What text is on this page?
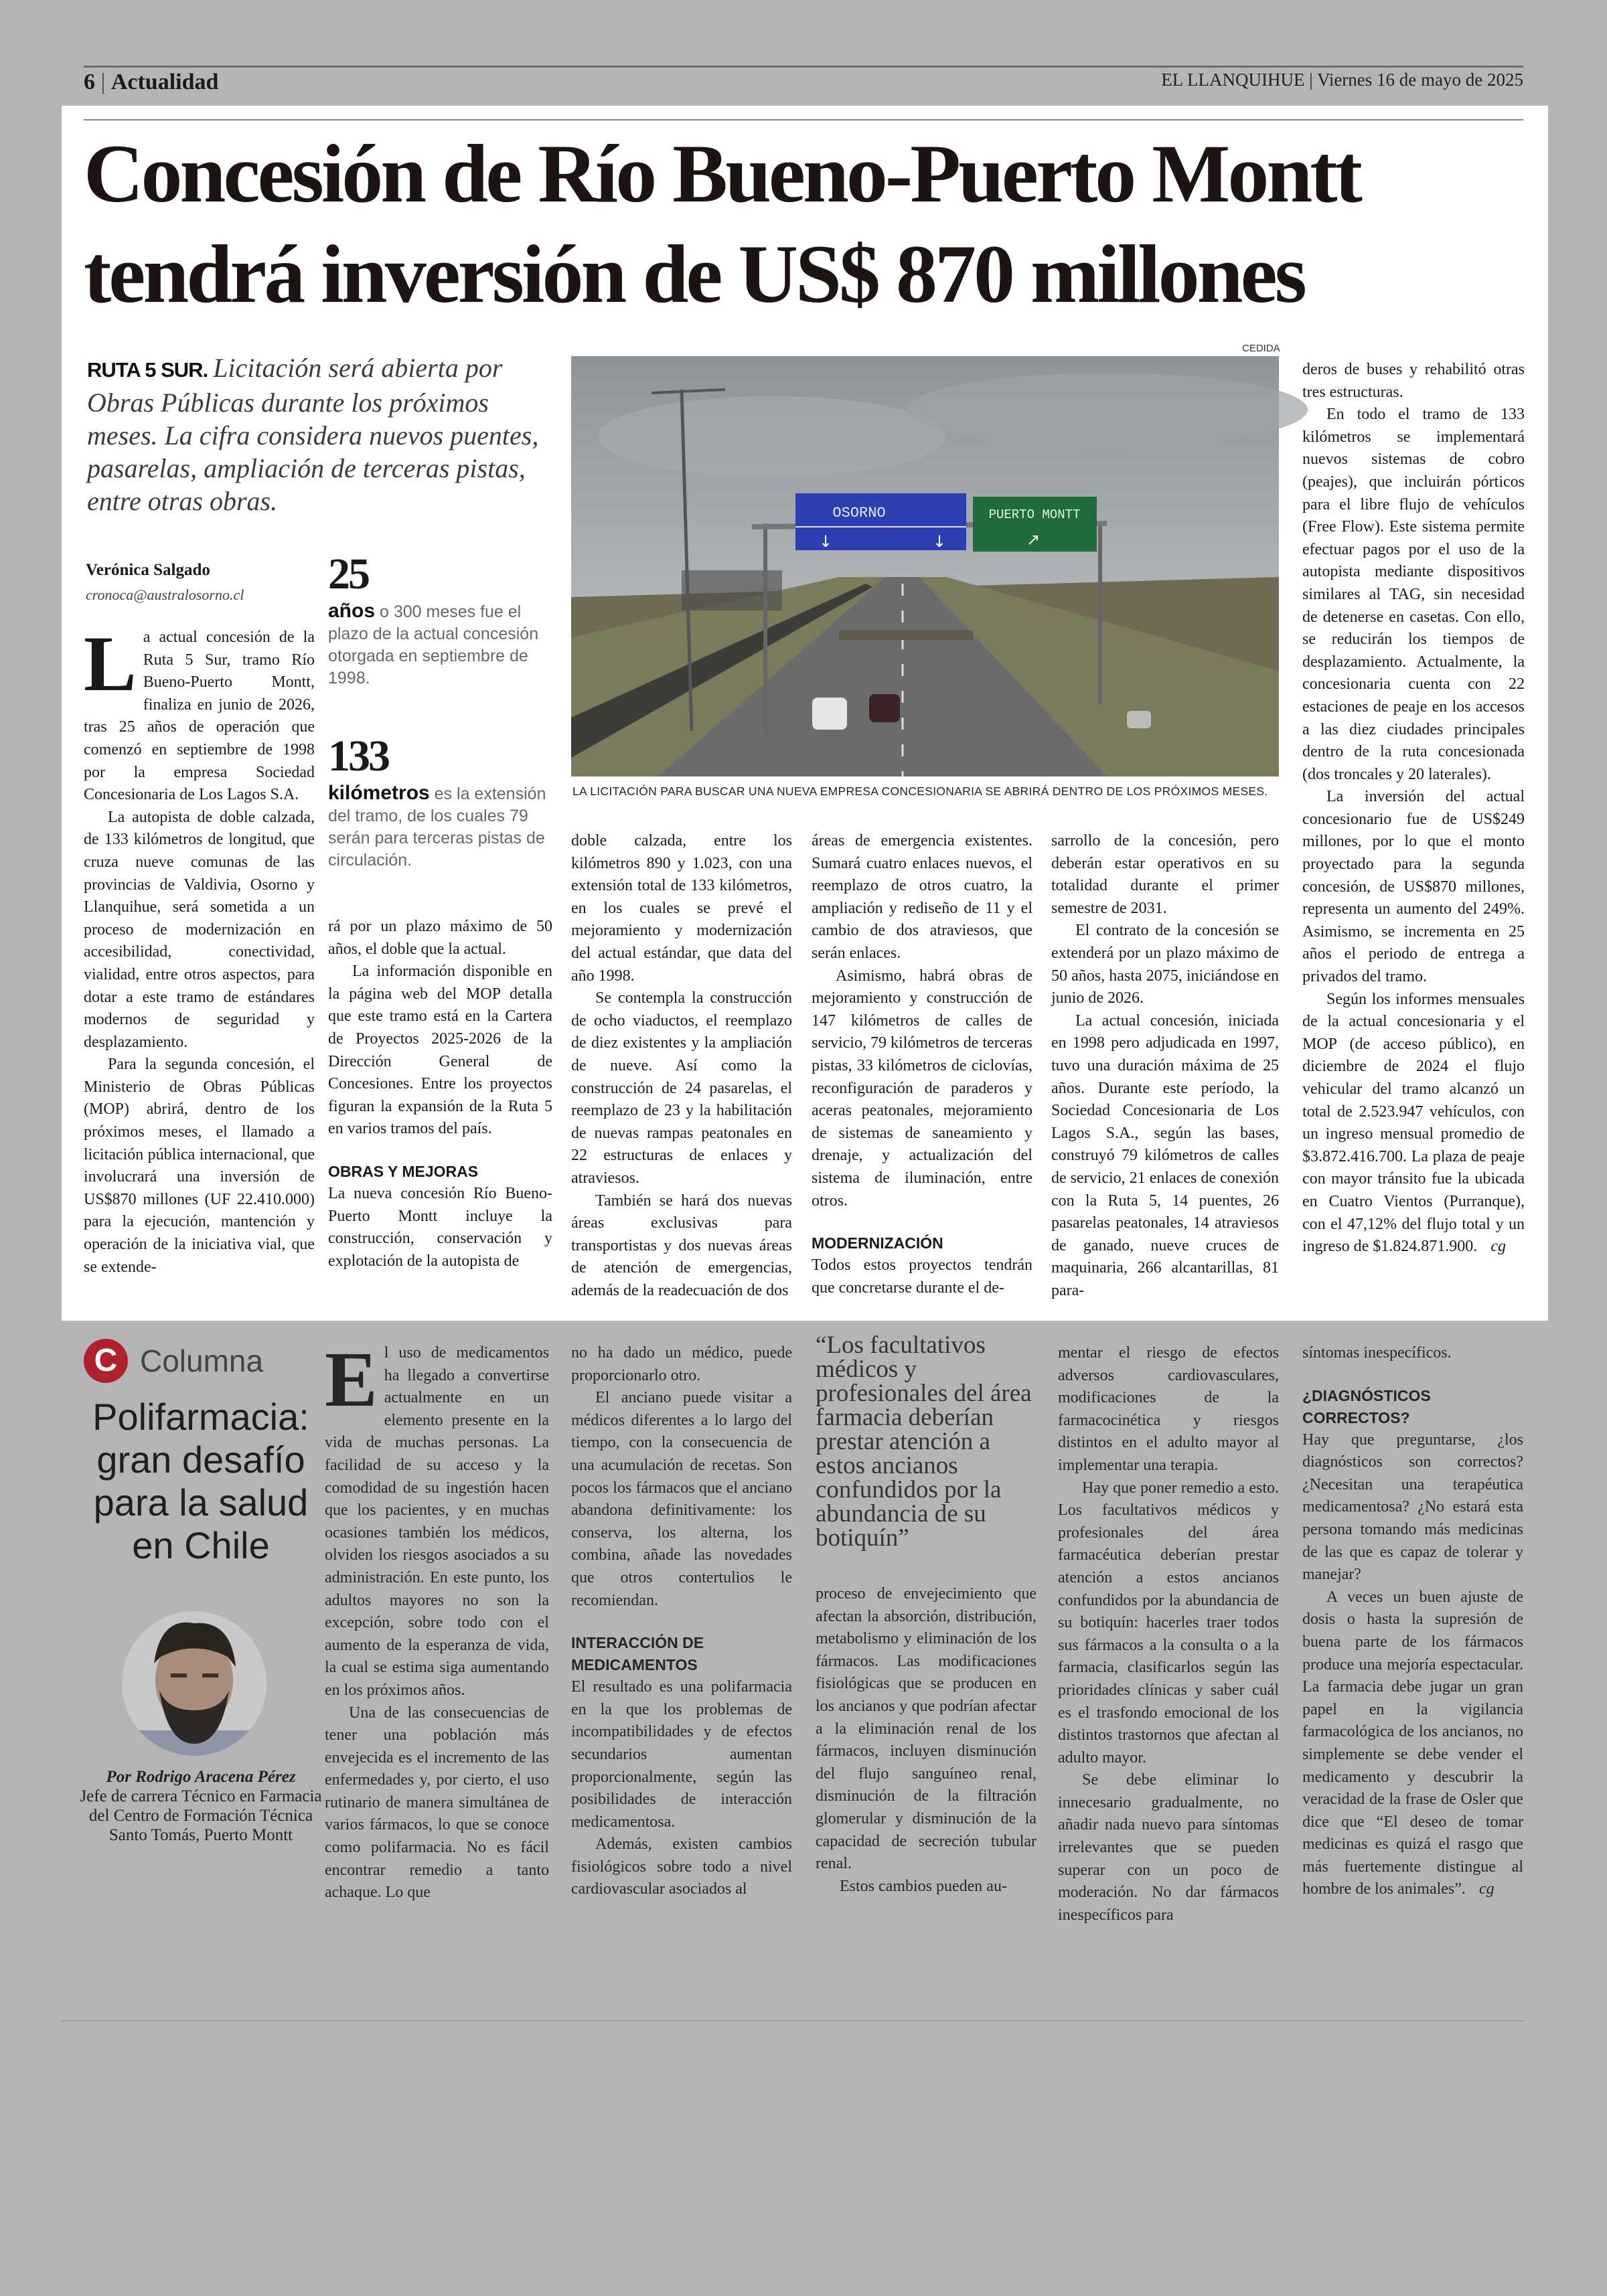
6 | Actualidad	EL LLANQUIHUE | Viernes 16 de mayo de 2025
Concesión de Río Bueno-Puerto Montt
tendrá inversión de US$ 870 millones
RUTA 5 SUR. Licitación será abierta por Obras Públicas durante los próximos meses. La cifra considera nuevos puentes, pasarelas, ampliación de terceras pistas, entre otras obras.
Verónica Salgado
cronoca@australosorno.cl

La actual concesión de la Ruta 5 Sur, tramo Río Bueno-Puerto Montt, finaliza en junio de 2026, tras 25 años de operación que comenzó en septiembre de 1998 por la empresa Sociedad Concesionaria de Los Lagos S.A.

La autopista de doble calzada, de 133 kilómetros de longitud, que cruza nueve comunas de las provincias de Valdivia, Osorno y Llanquihue, será sometida a un proceso de modernización en accesibilidad, conectividad, vialidad, entre otros aspectos, para dotar a este tramo de estándares modernos de seguridad y desplazamiento.

Para la segunda concesión, el Ministerio de Obras Públicas (MOP) abrirá, dentro de los próximos meses, el llamado a licitación pública internacional, que involucrará una inversión de US$870 millones (UF 22.410.000) para la ejecución, mantención y operación de la iniciativa vial, que se extende-

25
años o 300 meses fue el plazo de la actual concesión otorgada en septiembre de 1998.
133
kilómetros es la extensión del tramo, de los cuales 79 serán para terceras pistas de circulación.

rá por un plazo máximo de 50 años, el doble que la actual.

La información disponible en la página web del MOP detalla que este tramo está en la Cartera de Proyectos 2025-2026 de la Dirección General de Concesiones. Entre los proyectos figuran la expansión de la Ruta 5 en varios tramos del país.

OBRAS Y MEJORAS

La nueva concesión Río Bueno-Puerto Montt incluye la construcción, conservación y explotación de la autopista de

CEDIDA
OSORNO
↓	↓
PUERTO MONTT
↗
LA LICITACIÓN PARA BUSCAR UNA NUEVA EMPRESA CONCESIONARIA SE ABRIRÁ DENTRO DE LOS PRÓXIMOS MESES.

doble calzada, entre los kilómetros 890 y 1.023, con una extensión total de 133 kilómetros, en los cuales se prevé el mejoramiento y modernización del actual estándar, que data del año 1998.

Se contempla la construcción de ocho viaductos, el reemplazo de diez existentes y la ampliación de nueve. Así como la construcción de 24 pasarelas, el reemplazo de 23 y la habilitación de nuevas rampas peatonales en 22 estructuras de enlaces y atraviesos.

También se hará dos nuevas áreas exclusivas para transportistas y dos nuevas áreas de atención de emergencias, además de la readecuación de dos

áreas de emergencia existentes. Sumará cuatro enlaces nuevos, el reemplazo de otros cuatro, la ampliación y rediseño de 11 y el cambio de dos atraviesos, que serán enlaces.

Asimismo, habrá obras de mejoramiento y construcción de 147 kilómetros de calles de servicio, 79 kilómetros de terceras pistas, 33 kilómetros de ciclovías, reconfiguración de paraderos y aceras peatonales, mejoramiento de sistemas de saneamiento y drenaje, y actualización del sistema de iluminación, entre otros.

MODERNIZACIÓN

Todos estos proyectos tendrán que concretarse durante el de-

sarrollo de la concesión, pero deberán estar operativos en su totalidad durante el primer semestre de 2031.

El contrato de la concesión se extenderá por un plazo máximo de 50 años, hasta 2075, iniciándose en junio de 2026.

La actual concesión, iniciada en 1998 pero adjudicada en 1997, tuvo una duración máxima de 25 años. Durante este período, la Sociedad Concesionaria de Los Lagos S.A., según las bases, construyó 79 kilómetros de calles de servicio, 21 enlaces de conexión con la Ruta 5, 14 puentes, 26 pasarelas peatonales, 14 atraviesos de ganado, nueve cruces de maquinaria, 266 alcantarillas, 81 para-

deros de buses y rehabilitó otras tres estructuras.

En todo el tramo de 133 kilómetros se implementará nuevos sistemas de cobro (peajes), que incluirán pórticos para el libre flujo de vehículos (Free Flow). Este sistema permite efectuar pagos por el uso de la autopista mediante dispositivos similares al TAG, sin necesidad de detenerse en casetas. Con ello, se reducirán los tiempos de desplazamiento. Actualmente, la concesionaria cuenta con 22 estaciones de peaje en los accesos a las diez ciudades principales dentro de la ruta concesionada (dos troncales y 20 laterales).

La inversión del actual concesionario fue de US$249 millones, por lo que el monto proyectado para la segunda concesión, de US$870 millones, representa un aumento del 249%. Asimismo, se incrementa en 25 años el periodo de entrega a privados del tramo.

Según los informes mensuales de la actual concesionaria y el MOP (de acceso público), en diciembre de 2024 el flujo vehicular del tramo alcanzó un total de 2.523.947 vehículos, con un ingreso mensual promedio de $3.872.416.700. La plaza de peaje con mayor tránsito fue la ubicada en Cuatro Vientos (Purranque), con el 47,12% del flujo total y un ingreso de $1.824.871.900. cg

C Columna
Polifarmacia: gran desafío para la salud en Chile
Por Rodrigo Aracena Pérez
Jefe de carrera Técnico en Farmacia del Centro de Formación Técnica Santo Tomás, Puerto Montt

El uso de medicamentos ha llegado a convertirse actualmente en un elemento presente en la vida de muchas personas. La facilidad de su acceso y la comodidad de su ingestión hacen que los pacientes, y en muchas ocasiones también los médicos, olviden los riesgos asociados a su administración. En este punto, los adultos mayores no son la excepción, sobre todo con el aumento de la esperanza de vida, la cual se estima siga aumentando en los próximos años.

Una de las consecuencias de tener una población más envejecida es el incremento de las enfermedades y, por cierto, el uso rutinario de manera simultánea de varios fármacos, lo que se conoce como polifarmacia. No es fácil encontrar remedio a tanto achaque. Lo que

no ha dado un médico, puede proporcionarlo otro.

El anciano puede visitar a médicos diferentes a lo largo del tiempo, con la consecuencia de una acumulación de recetas. Son pocos los fármacos que el anciano abandona definitivamente: los conserva, los alterna, los combina, añade las novedades que otros contertulios le recomiendan.

INTERACCIÓN DE MEDICAMENTOS

El resultado es una polifarmacia en la que los problemas de incompatibilidades y de efectos secundarios aumentan proporcionalmente, según las posibilidades de interacción medicamentosa.

Además, existen cambios fisiológicos sobre todo a nivel cardiovascular asociados al

“Los facultativos médicos y profesionales del área farmacia deberían prestar atención a estos ancianos confundidos por la abundancia de su botiquín”

proceso de envejecimiento que afectan la absorción, distribución, metabolismo y eliminación de los fármacos. Las modificaciones fisiológicas que se producen en los ancianos y que podrían afectar a la eliminación renal de los fármacos, incluyen disminución del flujo sanguíneo renal, disminución de la filtración glomerular y disminución de la capacidad de secreción tubular renal.

Estos cambios pueden au-

mentar el riesgo de efectos adversos cardiovasculares, modificaciones de la farmacocinética y riesgos distintos en el adulto mayor al implementar una terapia.

Hay que poner remedio a esto. Los facultativos médicos y profesionales del área farmacéutica deberían prestar atención a estos ancianos confundidos por la abundancia de su botiquín: hacerles traer todos sus fármacos a la consulta o a la farmacia, clasificarlos según las prioridades clínicas y saber cuál es el trasfondo emocional de los distintos trastornos que afectan al adulto mayor.

Se debe eliminar lo innecesario gradualmente, no añadir nada nuevo para síntomas irrelevantes que se pueden superar con un poco de moderación. No dar fármacos inespecíficos para

síntomas inespecíficos.

¿DIAGNÓSTICOS CORRECTOS?

Hay que preguntarse, ¿los diagnósticos son correctos? ¿Necesitan una terapéutica medicamentosa? ¿No estará esta persona tomando más medicinas de las que es capaz de tolerar y manejar?

A veces un buen ajuste de dosis o hasta la supresión de buena parte de los fármacos produce una mejoría espectacular. La farmacia debe jugar un gran papel en la vigilancia farmacológica de los ancianos, no simplemente se debe vender el medicamento y descubrir la veracidad de la frase de Osler que dice que “El deseo de tomar medicinas es quizá el rasgo que más fuertemente distingue al hombre de los animales”. cg
